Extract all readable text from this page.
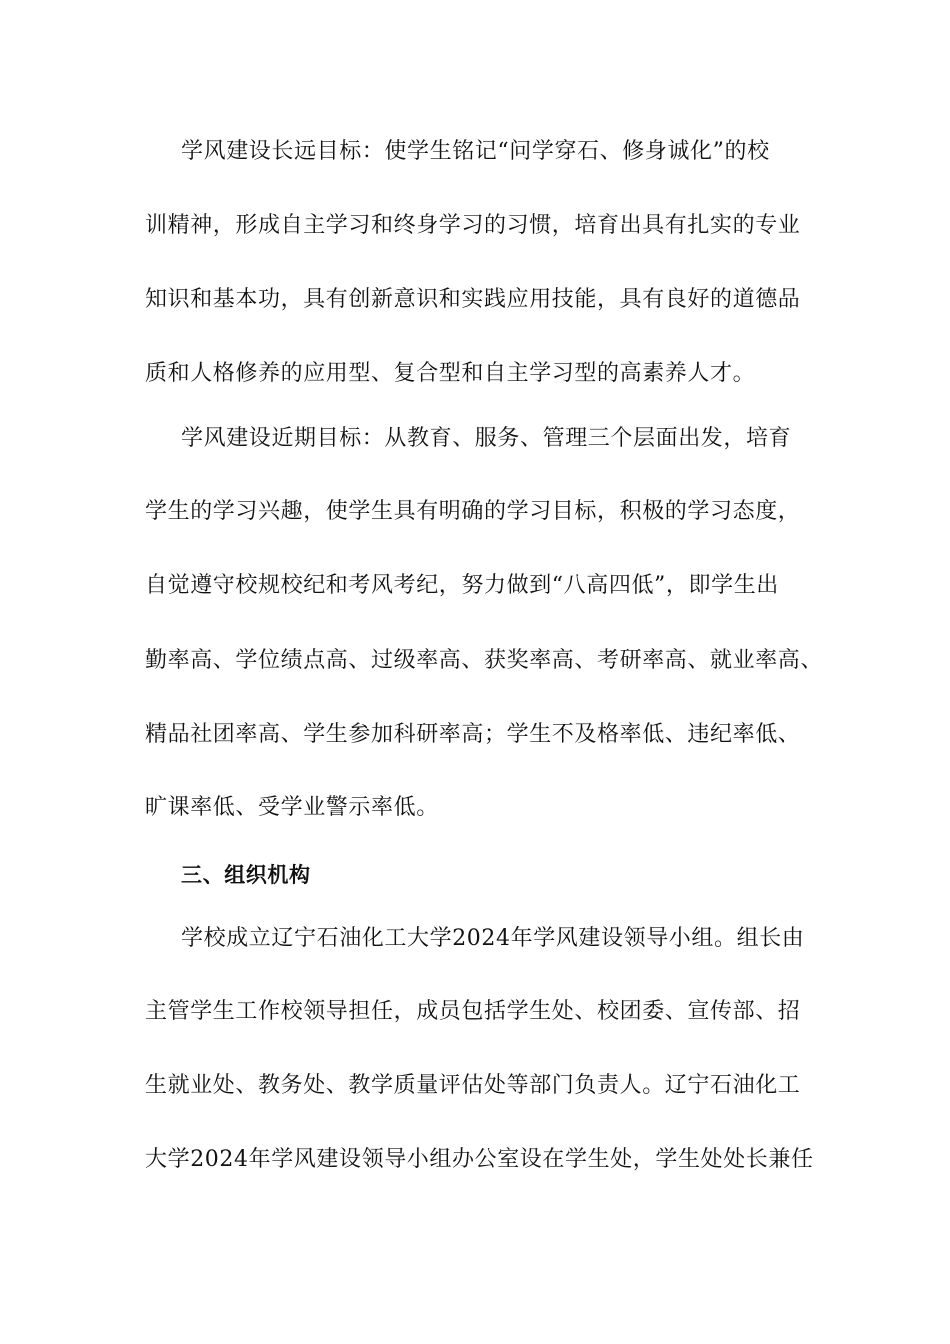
学风建设长远目标：使学生铭记“问学穿石、修身诚化”的校
训精神，形成自主学习和终身学习的习惯，培育出具有扎实的专业
知识和基本功，具有创新意识和实践应用技能，具有良好的道德品
质和人格修养的应用型、复合型和自主学习型的高素养人才。
学风建设近期目标：从教育、服务、管理三个层面出发，培育
学生的学习兴趣，使学生具有明确的学习目标，积极的学习态度，
自觉遵守校规校纪和考风考纪，努力做到“八高四低”，即学生出
勤率高、学位绩点高、过级率高、获奖率高、考研率高、就业率高、
精品社团率高、学生参加科研率高；学生不及格率低、违纪率低、
旷课率低、受学业警示率低。
三、组织机构
学校成立辽宁石油化工大学2024年学风建设领导小组。组长由
主管学生工作校领导担任，成员包括学生处、校团委、宣传部、招
生就业处、教务处、教学质量评估处等部门负责人。辽宁石油化工
大学2024年学风建设领导小组办公室设在学生处，学生处处长兼任
